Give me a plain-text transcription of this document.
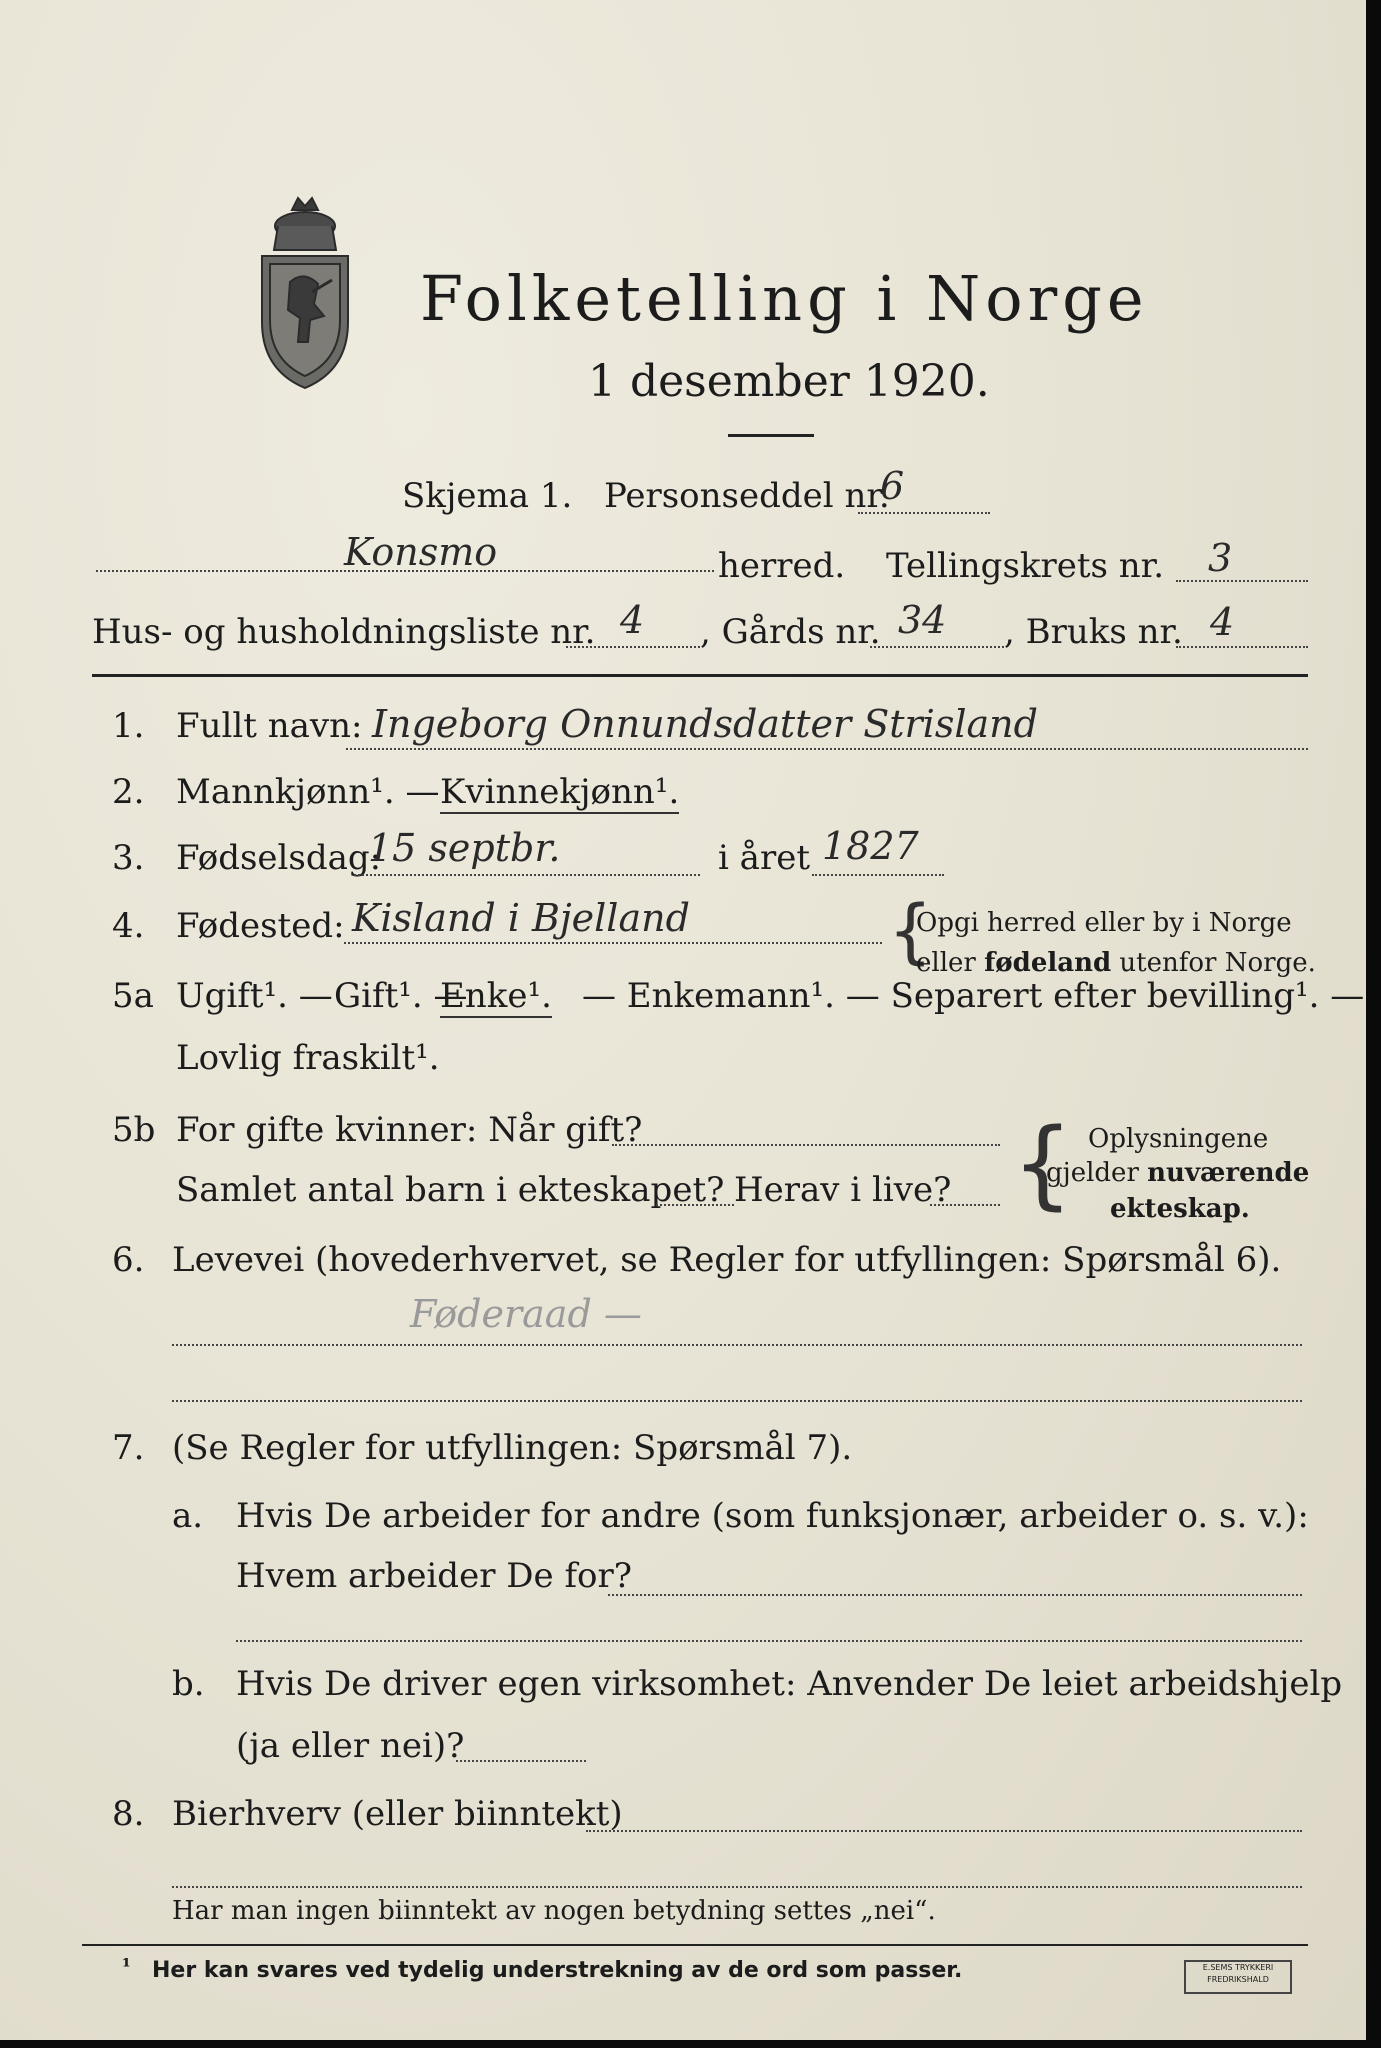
Folketelling i Norge
1 desember 1920.
Skjema 1. Personseddel nr.
6
Konsmo	herred. Tellingskrets nr. 3
Hus- og husholdningsliste nr. 4 , Gårds nr. 34 , Bruks nr. 4
1. Fullt navn: Ingeborg Onnundsdatter Strisland
2. Mannkjønn¹. — Kvinnekjønn¹.
3. Fødselsdag:
15 septbr.	i året 1827
4. Fødested: Kisland i Bjelland	{
Opgi herred eller by i Norge
eller fødeland utenfor Norge.
5a Ugift¹. — Gift¹. —
Enke¹. — Enkemann¹. — Separert efter bevilling¹. —
Lovlig fraskilt¹.
5b For gifte kvinner: Når gift?
Samlet antal barn i ekteskapet? Herav i live? { Oplysningene
gjelder nuværende
ekteskap.
6. Levevei (hovederhvervet, se Regler for utfyllingen: Spørsmål 6).
Føderaad —
7. (Se Regler for utfyllingen: Spørsmål 7).
a. Hvis De arbeider for andre (som funksjonær, arbeider o. s. v.):
Hvem arbeider De for?
b. Hvis De driver egen virksomhet: Anvender De leiet arbeidshjelp
(ja eller nei)?
8. Bierhverv (eller biinntekt)
Har man ingen biinntekt av nogen betydning settes „nei“.
¹ Her kan svares ved tydelig understrekning av de ord som passer.	E.SEMS TRYKKERI
FREDRIKSHALD
